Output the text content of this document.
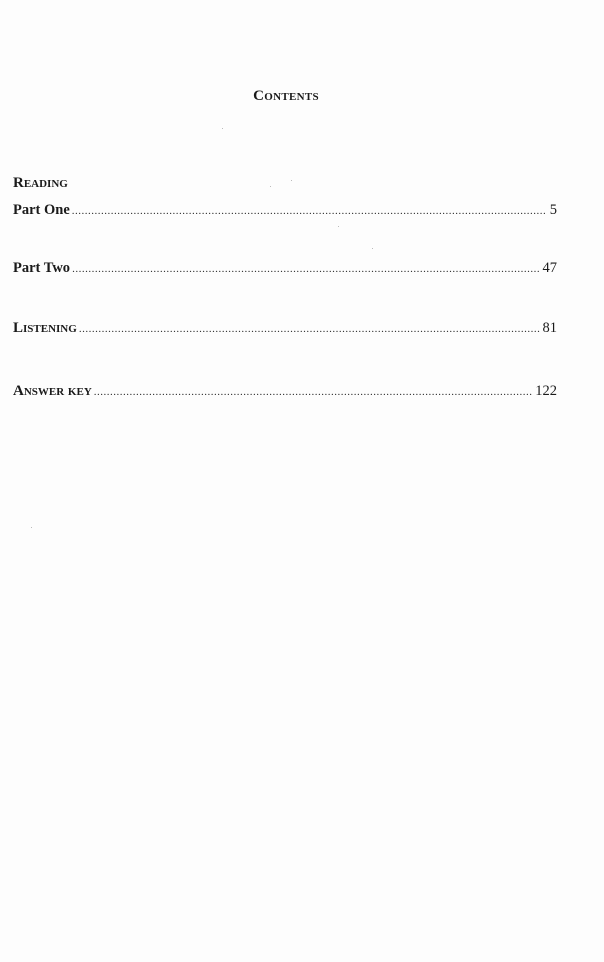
Contents
Reading
Part One .....	5
Part Two .....	47
Listening .....	81
Answer key .....	122
